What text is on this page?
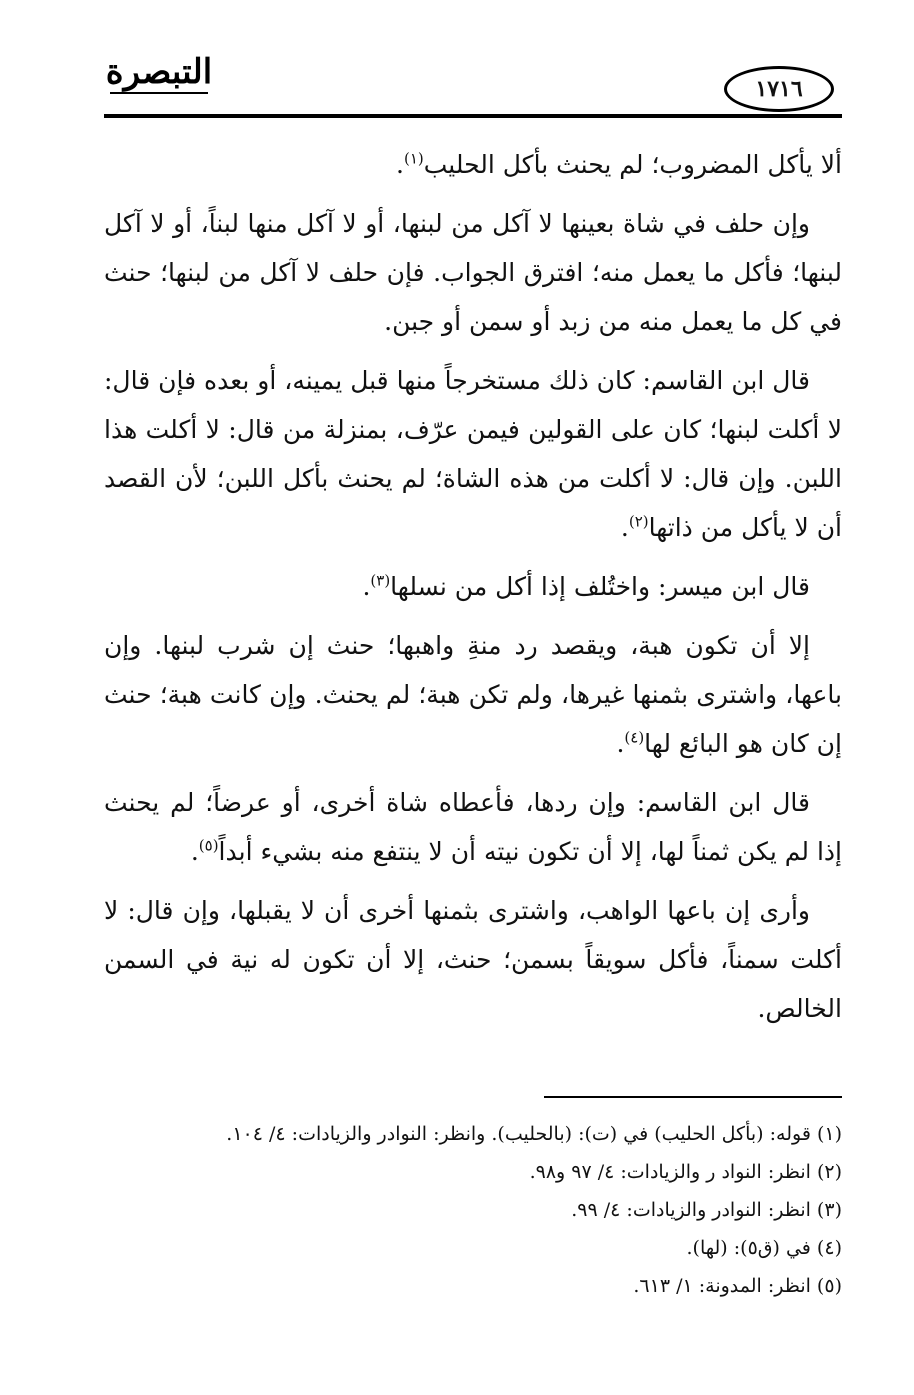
التبصرة	١٧١٦

ألا يأكل المضروب؛ لم يحنث بأكل الحليب$^{(١)}$.

وإن حلف في شاة بعينها لا آكل من لبنها، أو لا آكل منها لبناً، أو لا آكل لبنها؛ فأكل ما يعمل منه؛ افترق الجواب. فإن حلف لا آكل من لبنها؛ حنث في كل ما يعمل منه من زبد أو سمن أو جبن.

قال ابن القاسم: كان ذلك مستخرجاً منها قبل يمينه، أو بعده فإن قال: لا أكلت لبنها؛ كان على القولين فيمن عرّف، بمنزلة من قال: لا أكلت هذا اللبن. وإن قال: لا أكلت من هذه الشاة؛ لم يحنث بأكل اللبن؛ لأن القصد أن لا يأكل من ذاتها$^{(٢)}$.

قال ابن ميسر: واختُلف إذا أكل من نسلها$^{(٣)}$.

إلا أن تكون هبة، ويقصد رد منةِ واهبها؛ حنث إن شرب لبنها. وإن باعها، واشترى بثمنها غيرها، ولم تكن هبة؛ لم يحنث. وإن كانت هبة؛ حنث إن كان هو البائع لها$^{(٤)}$.

قال ابن القاسم: وإن ردها، فأعطاه شاة أخرى، أو عرضاً؛ لم يحنث إذا لم يكن ثمناً لها، إلا أن تكون نيته أن لا ينتفع منه بشيء أبداً$^{(٥)}$.

وأرى إن باعها الواهب، واشترى بثمنها أخرى أن لا يقبلها، وإن قال: لا أكلت سمناً، فأكل سويقاً بسمن؛ حنث، إلا أن تكون له نية في السمن الخالص.

(١) قوله: (بأكل الحليب) في (ت): (بالحليب). وانظر: النوادر والزيادات: ٤/ ١٠٤.
(٢) انظر: النواد ر والزيادات: ٤/ ٩٧ و٩٨.
(٣) انظر: النوادر والزيادات: ٤/ ٩٩.
(٤) في (ق٥): (لها).
(٥) انظر: المدونة: ١/ ٦١٣.
